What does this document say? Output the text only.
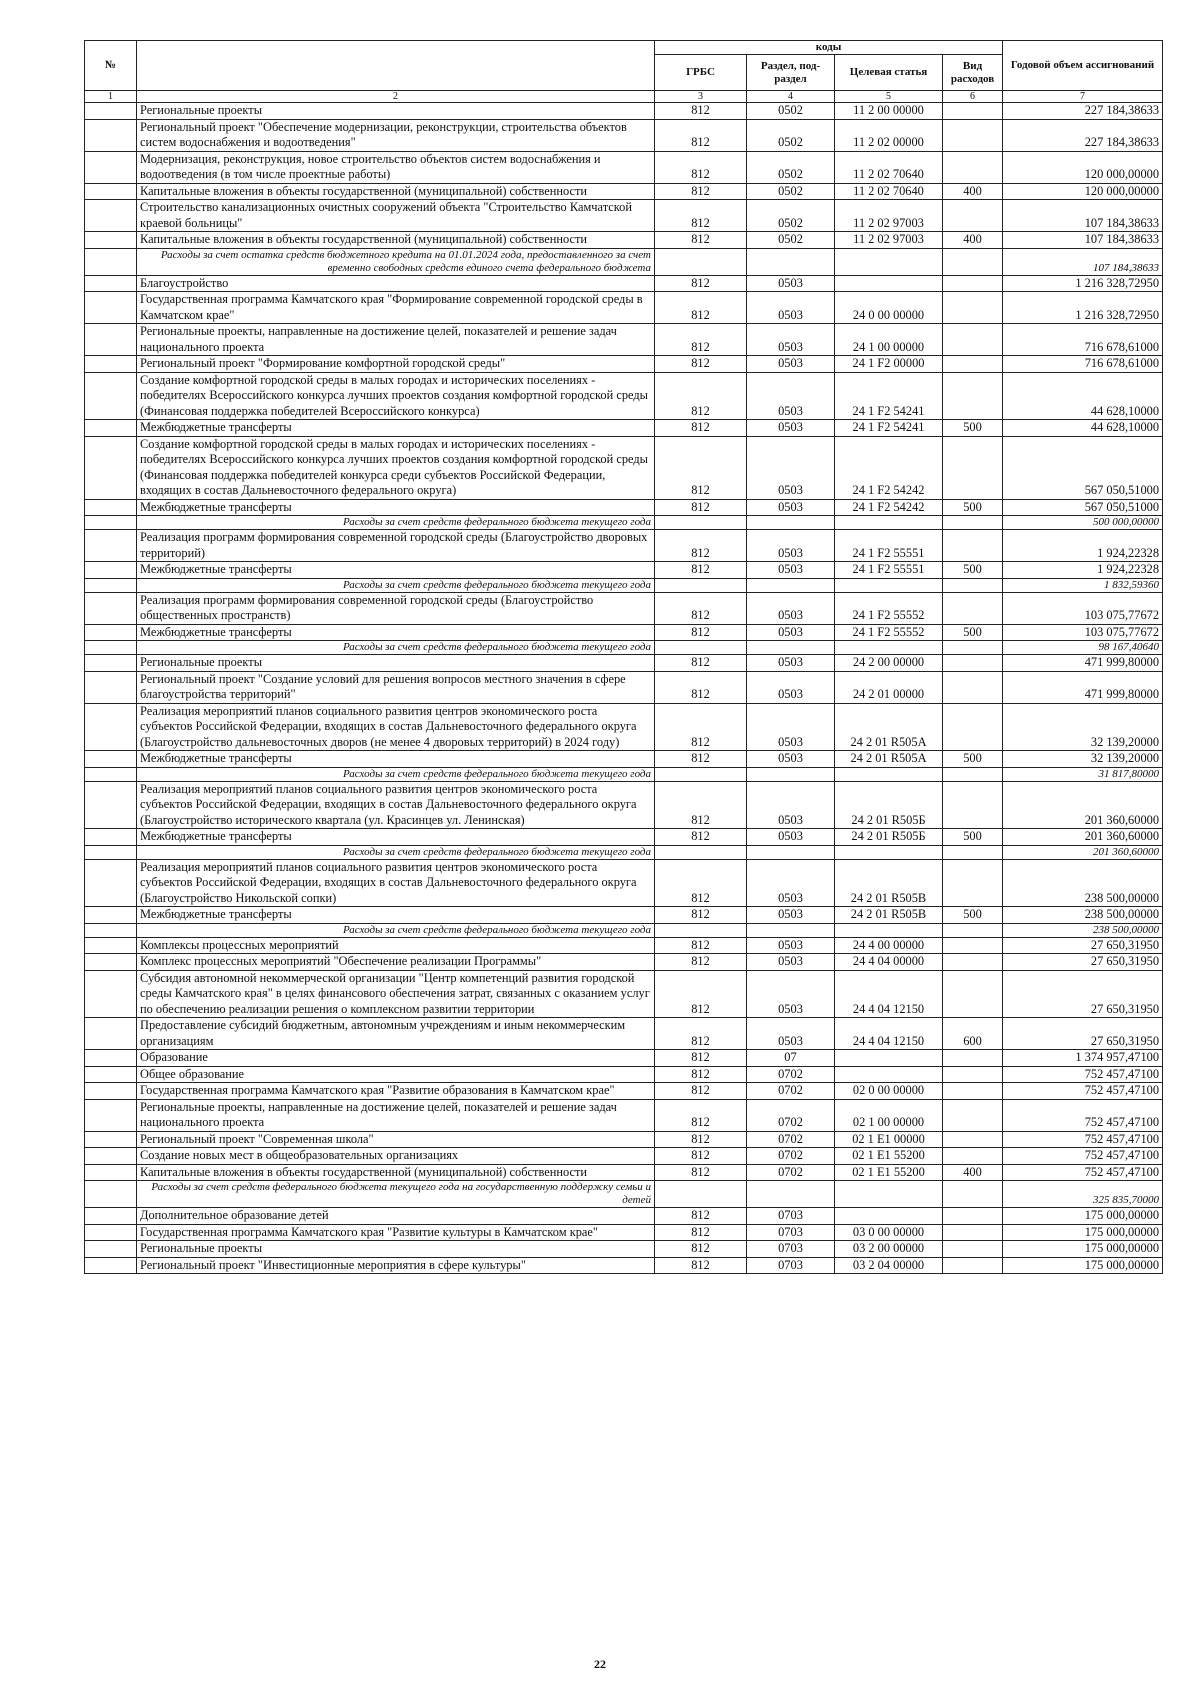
№		коды				Годовой объем ассигнований
		ГРБС	Раздел, под-раздел	Целевая статья	Вид расходов	
1	2	3	4	5	6	7
	Региональные проекты	812	0502	11 2 00 00000		227 184,38633
	Региональный проект "Обеспечение модернизации, реконструкции, строительства объектов систем водоснабжения и водоотведения"	812	0502	11 2 02 00000		227 184,38633
	Модернизация, реконструкция, новое строительство объектов систем водоснабжения и водоотведения (в том числе проектные работы)	812	0502	11 2 02 70640		120 000,00000
	Капитальные вложения в объекты государственной (муниципальной) собственности	812	0502	11 2 02 70640	400	120 000,00000
	Строительство канализационных очистных сооружений объекта "Строительство Камчатской краевой больницы"	812	0502	11 2 02 97003		107 184,38633
	Капитальные вложения в объекты государственной (муниципальной) собственности	812	0502	11 2 02 97003	400	107 184,38633
	Расходы за счет остатка средств бюджетного кредита на 01.01.2024 года, предоставленного за счет временно свободных средств единого счета федерального бюджета					107 184,38633
	Благоустройство	812	0503			1 216 328,72950
	Государственная программа Камчатского края "Формирование современной городской среды в Камчатском крае"	812	0503	24 0 00 00000		1 216 328,72950
	Региональные проекты, направленные на достижение целей, показателей и решение задач национального проекта	812	0503	24 1 00 00000		716 678,61000
	Региональный проект "Формирование комфортной городской среды"	812	0503	24 1 F2 00000		716 678,61000
	Создание комфортной городской среды в малых городах и исторических поселениях - победителях Всероссийского конкурса лучших проектов создания комфортной городской среды (Финансовая поддержка победителей Всероссийского конкурса)	812	0503	24 1 F2 54241		44 628,10000
	Межбюджетные трансферты	812	0503	24 1 F2 54241	500	44 628,10000
	Создание комфортной городской среды в малых городах и исторических поселениях - победителях Всероссийского конкурса лучших проектов создания комфортной городской среды (Финансовая поддержка победителей конкурса среди субъектов Российской Федерации, входящих в состав Дальневосточного федерального округа)	812	0503	24 1 F2 54242		567 050,51000
	Межбюджетные трансферты	812	0503	24 1 F2 54242	500	567 050,51000
	Расходы за счет средств федерального бюджета текущего года					500 000,00000
	Реализация программ формирования современной городской среды (Благоустройство дворовых территорий)	812	0503	24 1 F2 55551		1 924,22328
	Межбюджетные трансферты	812	0503	24 1 F2 55551	500	1 924,22328
	Расходы за счет средств федерального бюджета текущего года					1 832,59360
	Реализация программ формирования современной городской среды (Благоустройство общественных пространств)	812	0503	24 1 F2 55552		103 075,77672
	Межбюджетные трансферты	812	0503	24 1 F2 55552	500	103 075,77672
	Расходы за счет средств федерального бюджета текущего года					98 167,40640
	Региональные проекты	812	0503	24 2 00 00000		471 999,80000
	Региональный проект "Создание условий для решения вопросов местного значения в сфере благоустройства территорий"	812	0503	24 2 01 00000		471 999,80000
	Реализация мероприятий планов социального развития центров экономического роста субъектов Российской Федерации, входящих в состав Дальневосточного федерального округа (Благоустройство дальневосточных дворов (не менее 4 дворовых территорий) в 2024 году)	812	0503	24 2 01 R505A		32 139,20000
	Межбюджетные трансферты	812	0503	24 2 01 R505A	500	32 139,20000
	Расходы за счет средств федерального бюджета текущего года					31 817,80000
	Реализация мероприятий планов социального развития центров экономического роста субъектов Российской Федерации, входящих в состав Дальневосточного федерального округа (Благоустройство исторического квартала (ул. Красинцев ул. Ленинская)	812	0503	24 2 01 R505Б		201 360,60000
	Межбюджетные трансферты	812	0503	24 2 01 R505Б	500	201 360,60000
	Расходы за счет средств федерального бюджета текущего года					201 360,60000
	Реализация мероприятий планов социального развития центров экономического роста субъектов Российской Федерации, входящих в состав Дальневосточного федерального округа (Благоустройство Никольской сопки)	812	0503	24 2 01 R505В		238 500,00000
	Межбюджетные трансферты	812	0503	24 2 01 R505В	500	238 500,00000
	Расходы за счет средств федерального бюджета текущего года					238 500,00000
	Комплексы процессных мероприятий	812	0503	24 4 00 00000		27 650,31950
	Комплекс процессных мероприятий "Обеспечение реализации Программы"	812	0503	24 4 04 00000		27 650,31950
	Субсидия автономной некоммерческой организации "Центр компетенций развития городской среды Камчатского края" в целях финансового обеспечения затрат, связанных с оказанием услуг по обеспечению реализации решения о комплексном развитии территории	812	0503	24 4 04 12150		27 650,31950
	Предоставление субсидий бюджетным, автономным учреждениям и иным некоммерческим организациям	812	0503	24 4 04 12150	600	27 650,31950
	Образование	812	07			1 374 957,47100
	Общее образование	812	0702			752 457,47100
	Государственная программа Камчатского края "Развитие образования в Камчатском крае"	812	0702	02 0 00 00000		752 457,47100
	Региональные проекты, направленные на достижение целей, показателей и решение задач национального проекта	812	0702	02 1 00 00000		752 457,47100
	Региональный проект "Современная школа"	812	0702	02 1 E1 00000		752 457,47100
	Создание новых мест в общеобразовательных организациях	812	0702	02 1 E1 55200		752 457,47100
	Капитальные вложения в объекты государственной (муниципальной) собственности	812	0702	02 1 E1 55200	400	752 457,47100
	Расходы за счет средств федерального бюджета текущего года на государственную поддержку семьи и детей					325 835,70000
	Дополнительное образование детей	812	0703			175 000,00000
	Государственная программа Камчатского края "Развитие культуры в Камчатском крае"	812	0703	03 0 00 00000		175 000,00000
	Региональные проекты	812	0703	03 2 00 00000		175 000,00000
	Региональный проект "Инвестиционные мероприятия в сфере культуры"	812	0703	03 2 04 00000		175 000,00000
22
